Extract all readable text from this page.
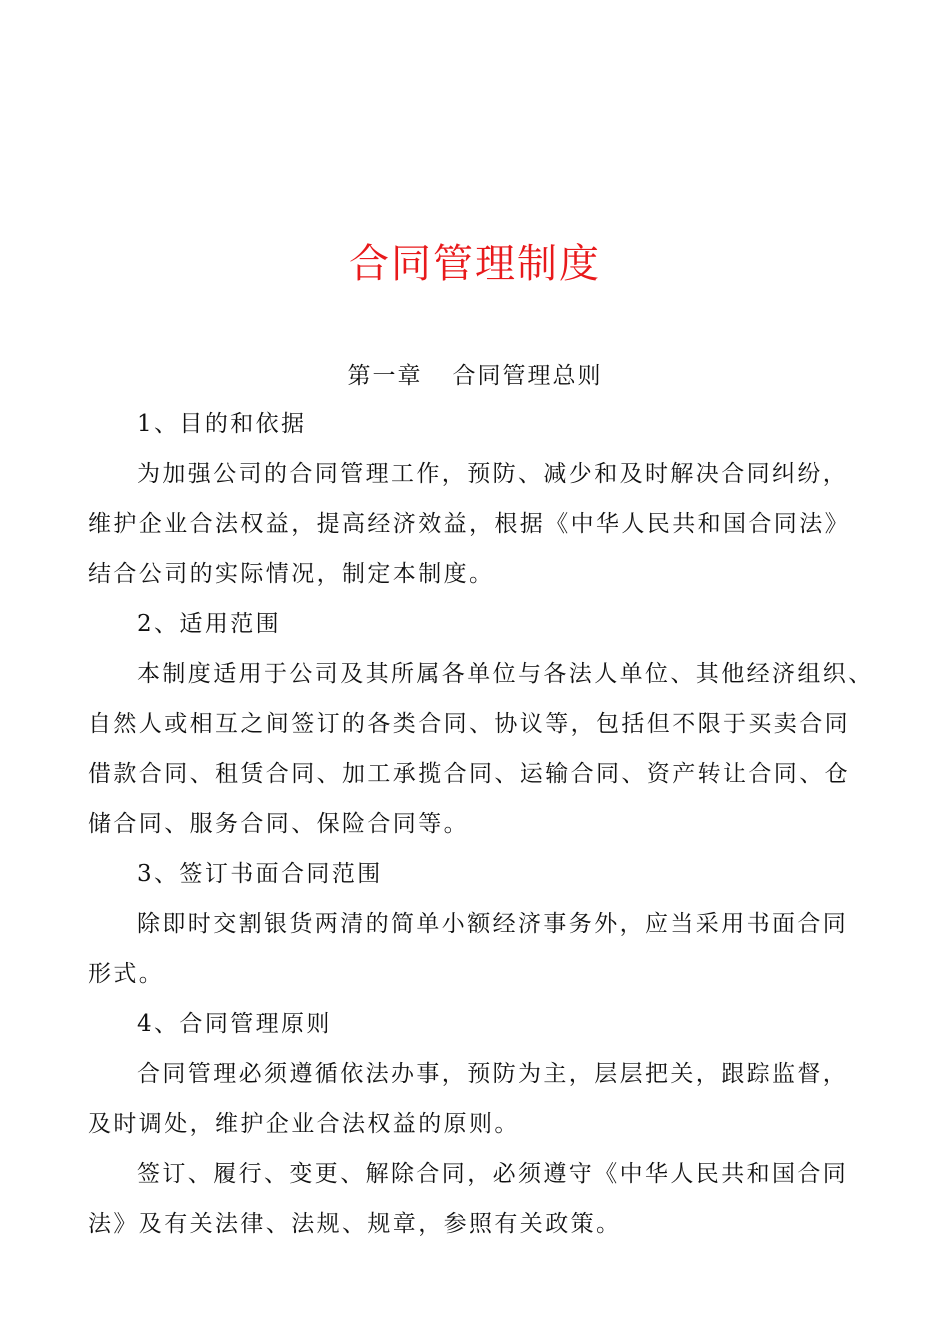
合同管理制度
第一章 合同管理总则

1、目的和依据

为加强公司的合同管理工作，预防、减少和及时解决合同纠纷，

维护企业合法权益，提高经济效益，根据《中华人民共和国合同法》

结合公司的实际情况，制定本制度。

2、适用范围

本制度适用于公司及其所属各单位与各法人单位、其他经济组织、

自然人或相互之间签订的各类合同、协议等，包括但不限于买卖合同

借款合同、租赁合同、加工承揽合同、运输合同、资产转让合同、仓

储合同、服务合同、保险合同等。

3、签订书面合同范围

除即时交割银货两清的简单小额经济事务外，应当采用书面合同

形式。

4、合同管理原则

合同管理必须遵循依法办事，预防为主，层层把关，跟踪监督，

及时调处，维护企业合法权益的原则。

签订、履行、变更、解除合同，必须遵守《中华人民共和国合同

法》及有关法律、法规、规章，参照有关政策。
